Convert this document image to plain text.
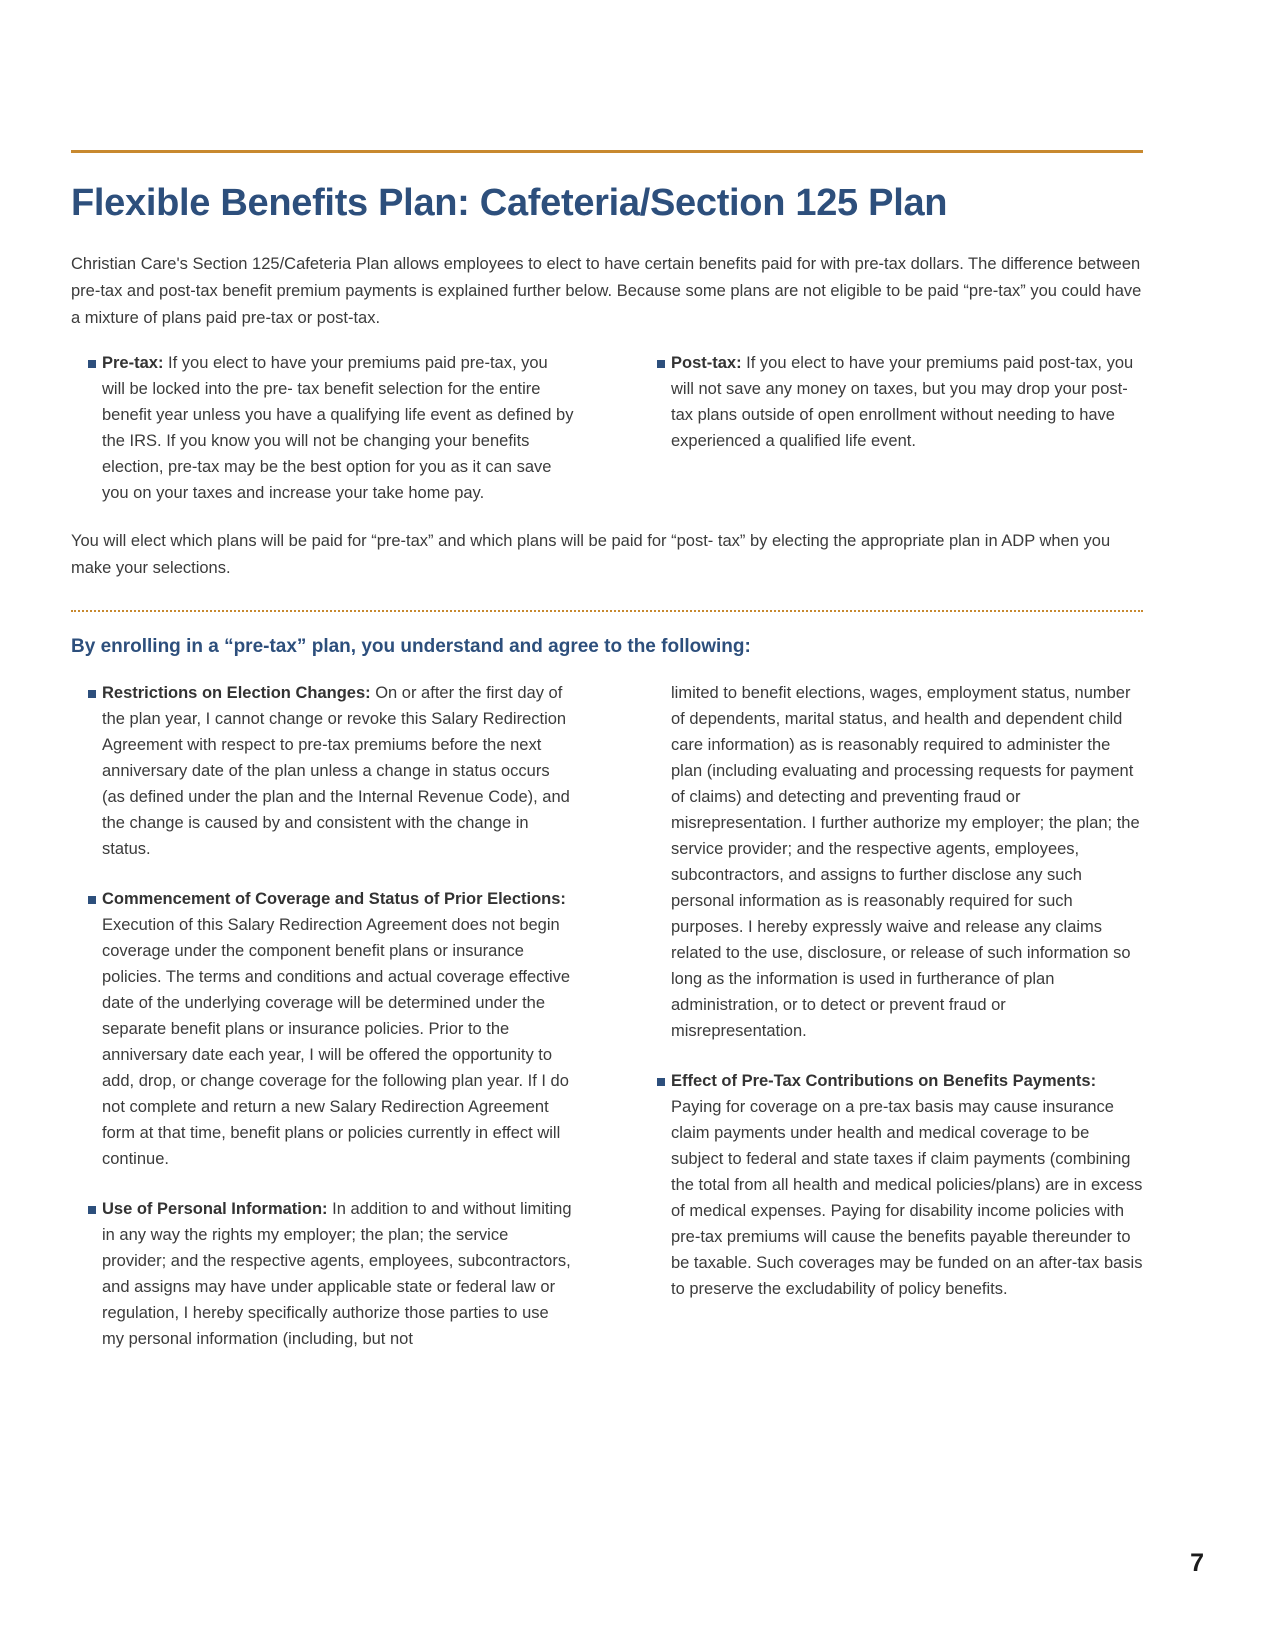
Flexible Benefits Plan: Cafeteria/Section 125 Plan

Christian Care's Section 125/Cafeteria Plan allows employees to elect to have certain benefits paid for with pre-tax dollars. The difference between pre-tax and post-tax benefit premium payments is explained further below. Because some plans are not eligible to be paid “pre-tax” you could have a mixture of plans paid pre-tax or post-tax.

Pre-tax: If you elect to have your premiums paid pre-tax, you will be locked into the pre- tax benefit selection for the entire benefit year unless you have a qualifying life event as defined by the IRS. If you know you will not be changing your benefits election, pre-tax may be the best option for you as it can save you on your taxes and increase your take home pay.
Post-tax: If you elect to have your premiums paid post-tax, you will not save any money on taxes, but you may drop your post-tax plans outside of open enrollment without needing to have experienced a qualified life event.

You will elect which plans will be paid for “pre-tax” and which plans will be paid for “post- tax” by electing the appropriate plan in ADP when you make your selections.

By enrolling in a “pre-tax” plan, you understand and agree to the following:
Restrictions on Election Changes: On or after the first day of the plan year, I cannot change or revoke this Salary Redirection Agreement with respect to pre-tax premiums before the next anniversary date of the plan unless a change in status occurs (as defined under the plan and the Internal Revenue Code), and the change is caused by and consistent with the change in status.
Commencement of Coverage and Status of Prior Elections: Execution of this Salary Redirection Agreement does not begin coverage under the component benefit plans or insurance policies. The terms and conditions and actual coverage effective date of the underlying coverage will be determined under the separate benefit plans or insurance policies. Prior to the anniversary date each year, I will be offered the opportunity to add, drop, or change coverage for the following plan year. If I do not complete and return a new Salary Redirection Agreement form at that time, benefit plans or policies currently in effect will continue.
Use of Personal Information: In addition to and without limiting in any way the rights my employer; the plan; the service provider; and the respective agents, employees, subcontractors, and assigns may have under applicable state or federal law or regulation, I hereby specifically authorize those parties to use my personal information (including, but not

limited to benefit elections, wages, employment status, number of dependents, marital status, and health and dependent child care information) as is reasonably required to administer the plan (including evaluating and processing requests for payment of claims) and detecting and preventing fraud or misrepresentation. I further authorize my employer; the plan; the service provider; and the respective agents, employees, subcontractors, and assigns to further disclose any such personal information as is reasonably required for such purposes. I hereby expressly waive and release any claims related to the use, disclosure, or release of such information so long as the information is used in furtherance of plan administration, or to detect or prevent fraud or misrepresentation.

Effect of Pre-Tax Contributions on Benefits Payments: Paying for coverage on a pre-tax basis may cause insurance claim payments under health and medical coverage to be subject to federal and state taxes if claim payments (combining the total from all health and medical policies/plans) are in excess of medical expenses. Paying for disability income policies with pre-tax premiums will cause the benefits payable thereunder to be taxable. Such coverages may be funded on an after-tax basis to preserve the excludability of policy benefits.
7
